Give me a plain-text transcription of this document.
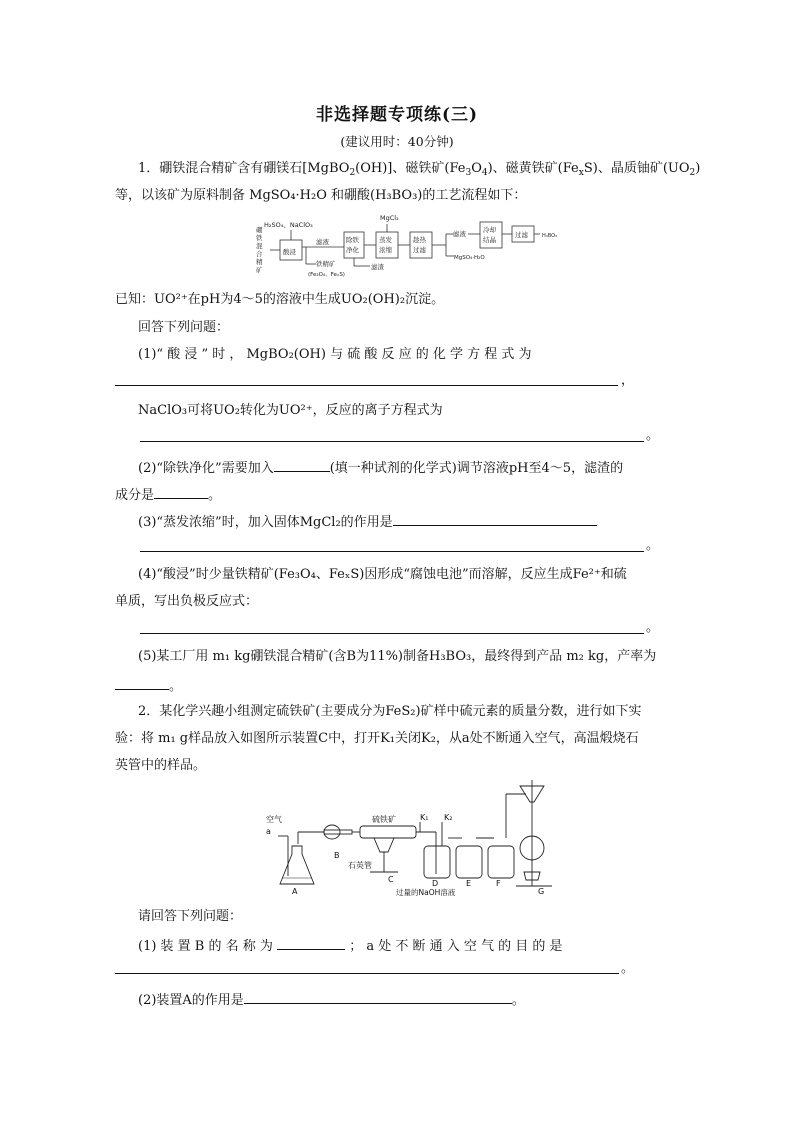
非选择题专项练(三)
(建议用时：40分钟)
1．硼铁混合精矿含有硼镁石[MgBO$_2$(OH)]、磁铁矿$(Fe_3O_4)$、磁黄铁矿$(Fe_xS)$、晶质铀矿$(UO_2)$
等，以该矿为原料制备 MgSO₄·H₂O 和硼酸(H₃BO₃)的工艺流程如下：
硼
铁
混
合
精
矿
H₂SO₄、NaClO₃
酸浸
滤液	除铁
净化
MgCl₂
蒸发
浓缩
趁热
过滤
滤液	冷却
结晶
过滤	H₃BO₃
铁精矿
(Fe₃O₄、FeₓS)
滤渣
MgSO₄·H₂O
已知：UO²⁺在pH为4～5的溶液中生成UO₂(OH)₂沉淀。
回答下列问题：
(1)“ 酸 浸 ” 时 ， MgBO₂(OH) 与 硫 酸 反 应 的 化 学 方 程 式 为
，
NaClO₃可将UO₂转化为UO²⁺，反应的离子方程式为
。
(2)“除铁净化”需要加入	(填一种试剂的化学式)调节溶液pH至4～5，滤渣的
成分是	。
(3)“蒸发浓缩”时，加入固体MgCl₂的作用是
。
(4)“酸浸”时少量铁精矿(Fe₃O₄、FeₓS)因形成“腐蚀电池”而溶解，反应生成Fe²⁺和硫
单质，写出负极反应式：
。
(5)某工厂用 m₁ kg硼铁混合精矿(含B为11%)制备H₃BO₃，最终得到产品 m₂ kg，产率为
。
2．某化学兴趣小组测定硫铁矿(主要成分为FeS₂)矿样中硫元素的质量分数，进行如下实
验：将 m₁ g样品放入如图所示装置C中，打开K₁关闭K₂，从a处不断通入空气，高温煅烧石
英管中的样品。
空气
a
A
B
石英管
硫铁矿
C
K₁ K₂
D	E	F
G
过量的NaOH溶液
请回答下列问题：
(1) 装 置 B 的 名 称 为	； a 处 不 断 通 入 空 气 的 目 的 是
。
(2)装置A的作用是	。
